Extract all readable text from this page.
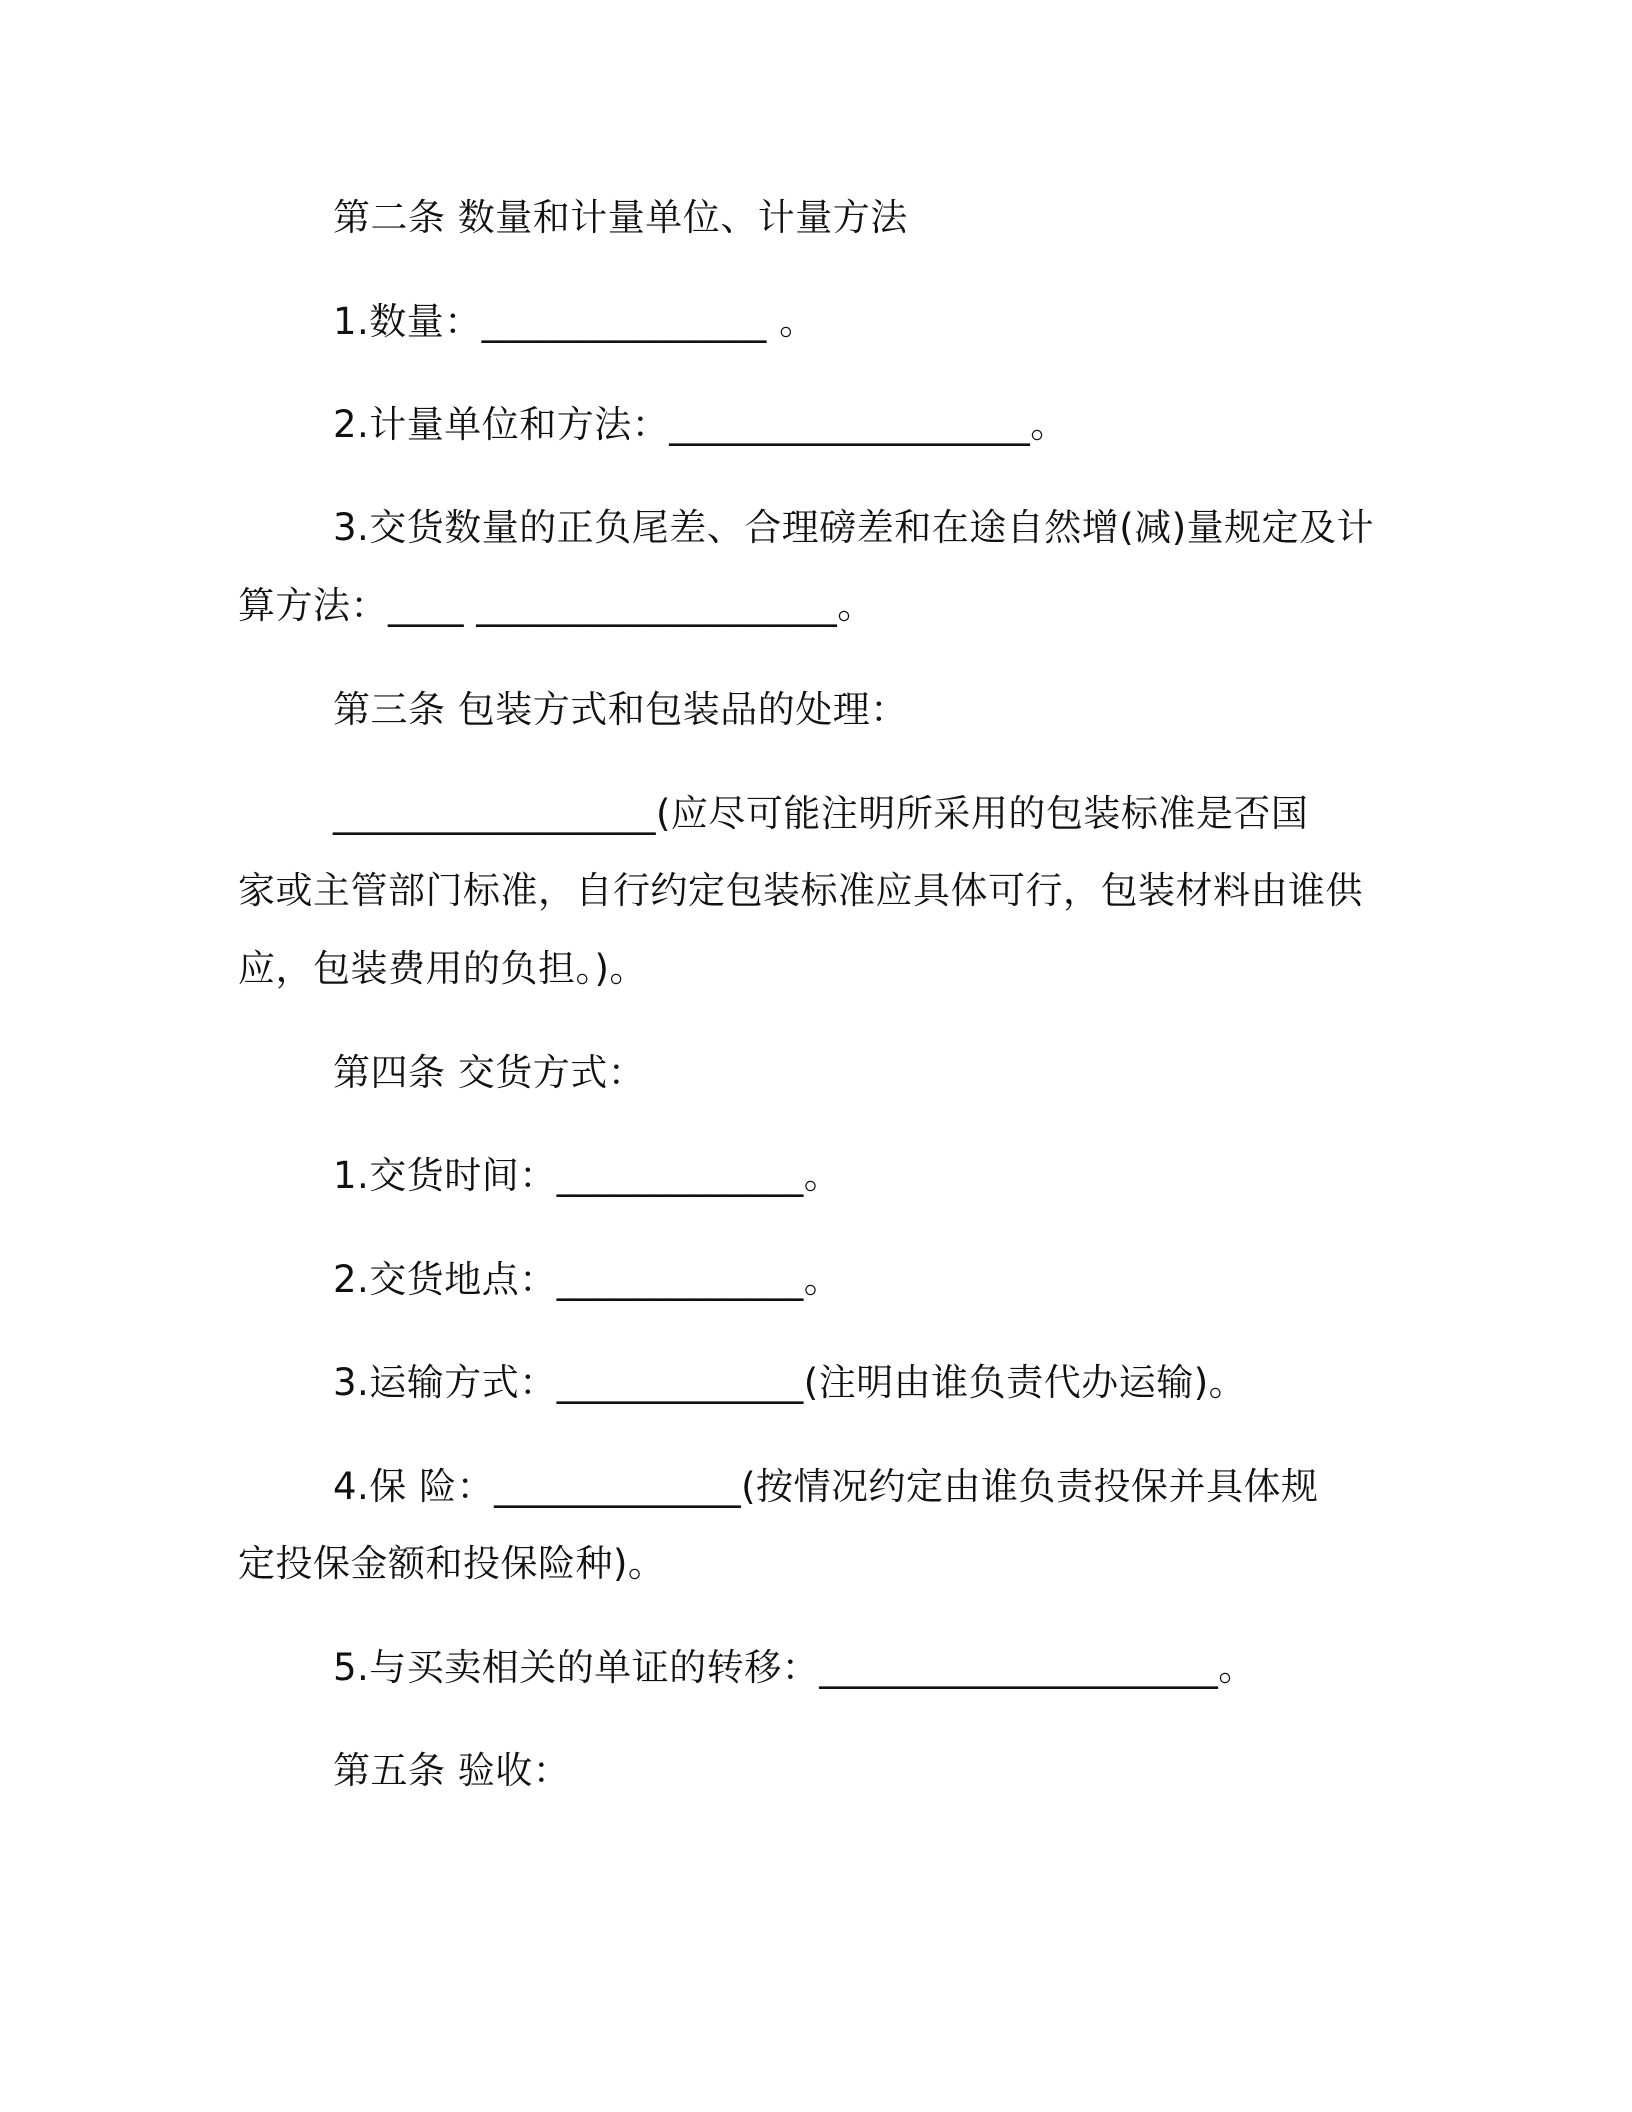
第二条 数量和计量单位、计量方法
1.数量：_______________ 。
2.计量单位和方法：___________________。
3.交货数量的正负尾差、合理磅差和在途自然增(减)量规定及计
算方法：____ ___________________。
第三条 包装方式和包装品的处理：
_________________(应尽可能注明所采用的包装标准是否国
家或主管部门标准，自行约定包装标准应具体可行，包装材料由谁供
应，包装费用的负担。)。
第四条 交货方式：
1.交货时间：_____________。
2.交货地点：_____________。
3.运输方式：_____________(注明由谁负责代办运输)。
4.保 险：_____________(按情况约定由谁负责投保并具体规
定投保金额和投保险种)。
5.与买卖相关的单证的转移：_____________________。
第五条 验收：
